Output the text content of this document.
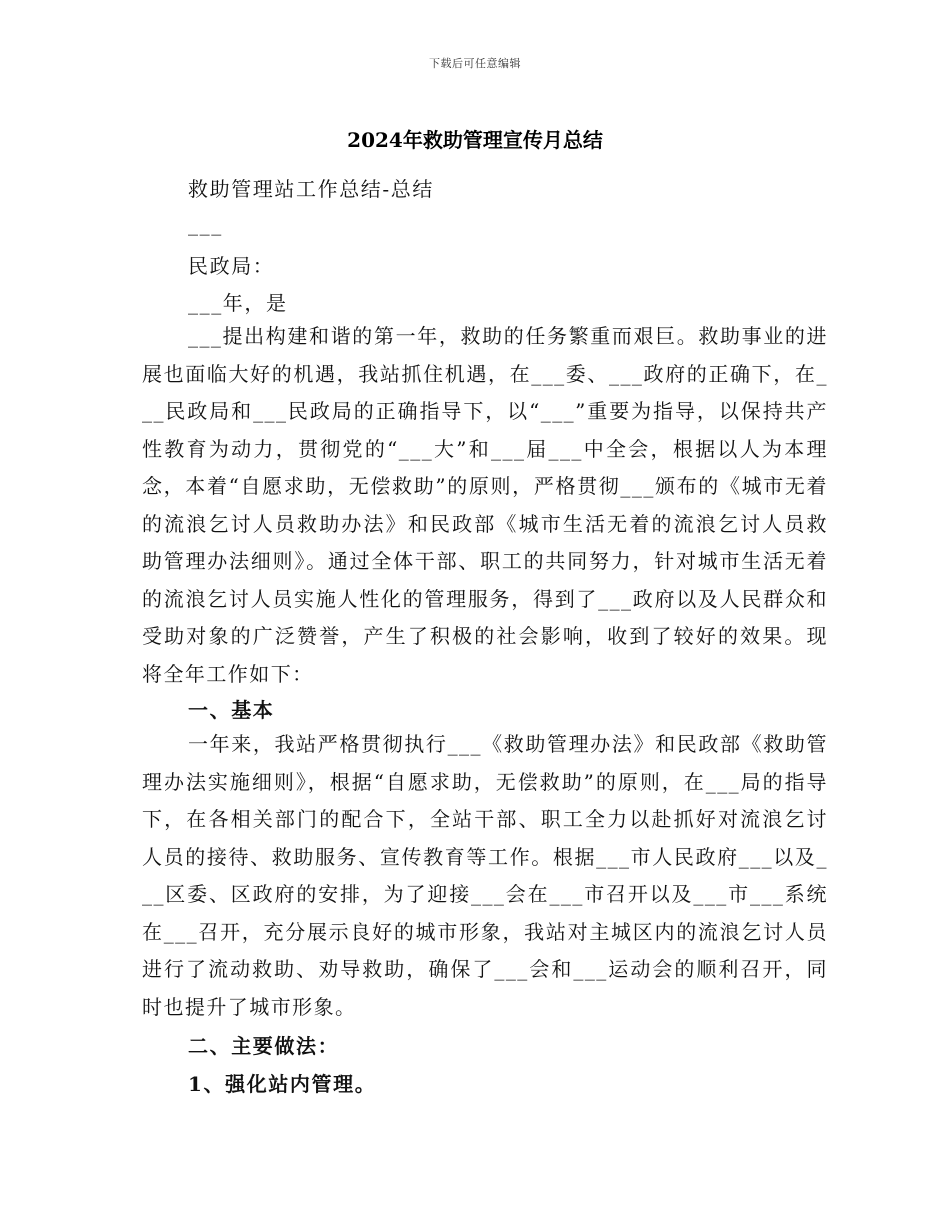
下载后可任意编辑
2024年救助管理宣传月总结
救助管理站工作总结-总结
___
民政局：
___年，是
___提出构建和谐的第一年，救助的任务繁重而艰巨。救助事业的进展也面临大好的机遇，我站抓住机遇，在___委、___政府的正确下，在___民政局和___民政局的正确指导下，以“___”重要为指导，以保持共产性教育为动力，贯彻党的“___大”和___届___中全会，根据以人为本理念，本着“自愿求助，无偿救助”的原则，严格贯彻___颁布的《城市无着的流浪乞讨人员救助办法》和民政部《城市生活无着的流浪乞讨人员救助管理办法细则》。通过全体干部、职工的共同努力，针对城市生活无着的流浪乞讨人员实施人性化的管理服务，得到了___政府以及人民群众和受助对象的广泛赞誉，产生了积极的社会影响，收到了较好的效果。现将全年工作如下：
一、基本
一年来，我站严格贯彻执行___《救助管理办法》和民政部《救助管理办法实施细则》，根据“自愿求助，无偿救助”的原则，在___局的指导下，在各相关部门的配合下，全站干部、职工全力以赴抓好对流浪乞讨人员的接待、救助服务、宣传教育等工作。根据___市人民政府___以及___区委、区政府的安排，为了迎接___会在___市召开以及___市___系统在___召开，充分展示良好的城市形象，我站对主城区内的流浪乞讨人员进行了流动救助、劝导救助，确保了___会和___运动会的顺利召开，同时也提升了城市形象。
二、主要做法：
1、强化站内管理。
